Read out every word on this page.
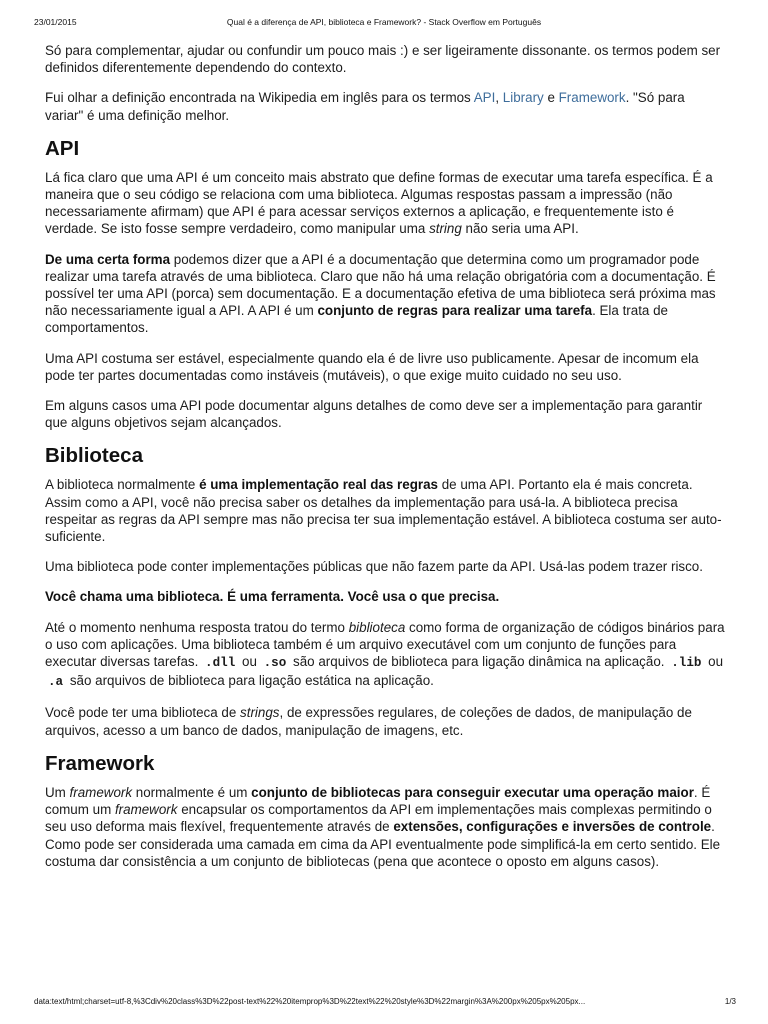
23/01/2015	Qual é a diferença de API, biblioteca e Framework? - Stack Overflow em Português

Só para complementar, ajudar ou confundir um pouco mais :) e ser ligeiramente dissonante. os termos podem ser definidos diferentemente dependendo do contexto.

Fui olhar a definição encontrada na Wikipedia em inglês para os termos API, Library e Framework. "Só para variar" é uma definição melhor.

API

Lá fica claro que uma API é um conceito mais abstrato que define formas de executar uma tarefa específica. É a maneira que o seu código se relaciona com uma biblioteca. Algumas respostas passam a impressão (não necessariamente afirmam) que API é para acessar serviços externos a aplicação, e frequentemente isto é verdade. Se isto fosse sempre verdadeiro, como manipular uma string não seria uma API.

De uma certa forma podemos dizer que a API é a documentação que determina como um programador pode realizar uma tarefa através de uma biblioteca. Claro que não há uma relação obrigatória com a documentação. É possível ter uma API (porca) sem documentação. E a documentação efetiva de uma biblioteca será próxima mas não necessariamente igual a API. A API é um conjunto de regras para realizar uma tarefa. Ela trata de comportamentos.

Uma API costuma ser estável, especialmente quando ela é de livre uso publicamente. Apesar de incomum ela pode ter partes documentadas como instáveis (mutáveis), o que exige muito cuidado no seu uso.

Em alguns casos uma API pode documentar alguns detalhes de como deve ser a implementação para garantir que alguns objetivos sejam alcançados.

Biblioteca

A biblioteca normalmente é uma implementação real das regras de uma API. Portanto ela é mais concreta. Assim como a API, você não precisa saber os detalhes da implementação para usá-la. A biblioteca precisa respeitar as regras da API sempre mas não precisa ter sua implementação estável. A biblioteca costuma ser auto-suficiente.

Uma biblioteca pode conter implementações públicas que não fazem parte da API. Usá-las podem trazer risco.

Você chama uma biblioteca. É uma ferramenta. Você usa o que precisa.

Até o momento nenhuma resposta tratou do termo biblioteca como forma de organização de códigos binários para o uso com aplicações. Uma biblioteca também é um arquivo executável com um conjunto de funções para executar diversas tarefas. .dll ou .so são arquivos de biblioteca para ligação dinâmica na aplicação. .lib ou .a são arquivos de biblioteca para ligação estática na aplicação.

Você pode ter uma biblioteca de strings, de expressões regulares, de coleções de dados, de manipulação de arquivos, acesso a um banco de dados, manipulação de imagens, etc.

Framework

Um framework normalmente é um conjunto de bibliotecas para conseguir executar uma operação maior. É comum um framework encapsular os comportamentos da API em implementações mais complexas permitindo o seu uso deforma mais flexível, frequentemente através de extensões, configurações e inversões de controle. Como pode ser considerada uma camada em cima da API eventualmente pode simplificá-la em certo sentido. Ele costuma dar consistência a um conjunto de bibliotecas (pena que acontece o oposto em alguns casos).

data:text/html;charset=utf-8,%3Cdiv%20class%3D%22post-text%22%20itemprop%3D%22text%22%20style%3D%22margin%3A%200px%205px%205px...	1/3
